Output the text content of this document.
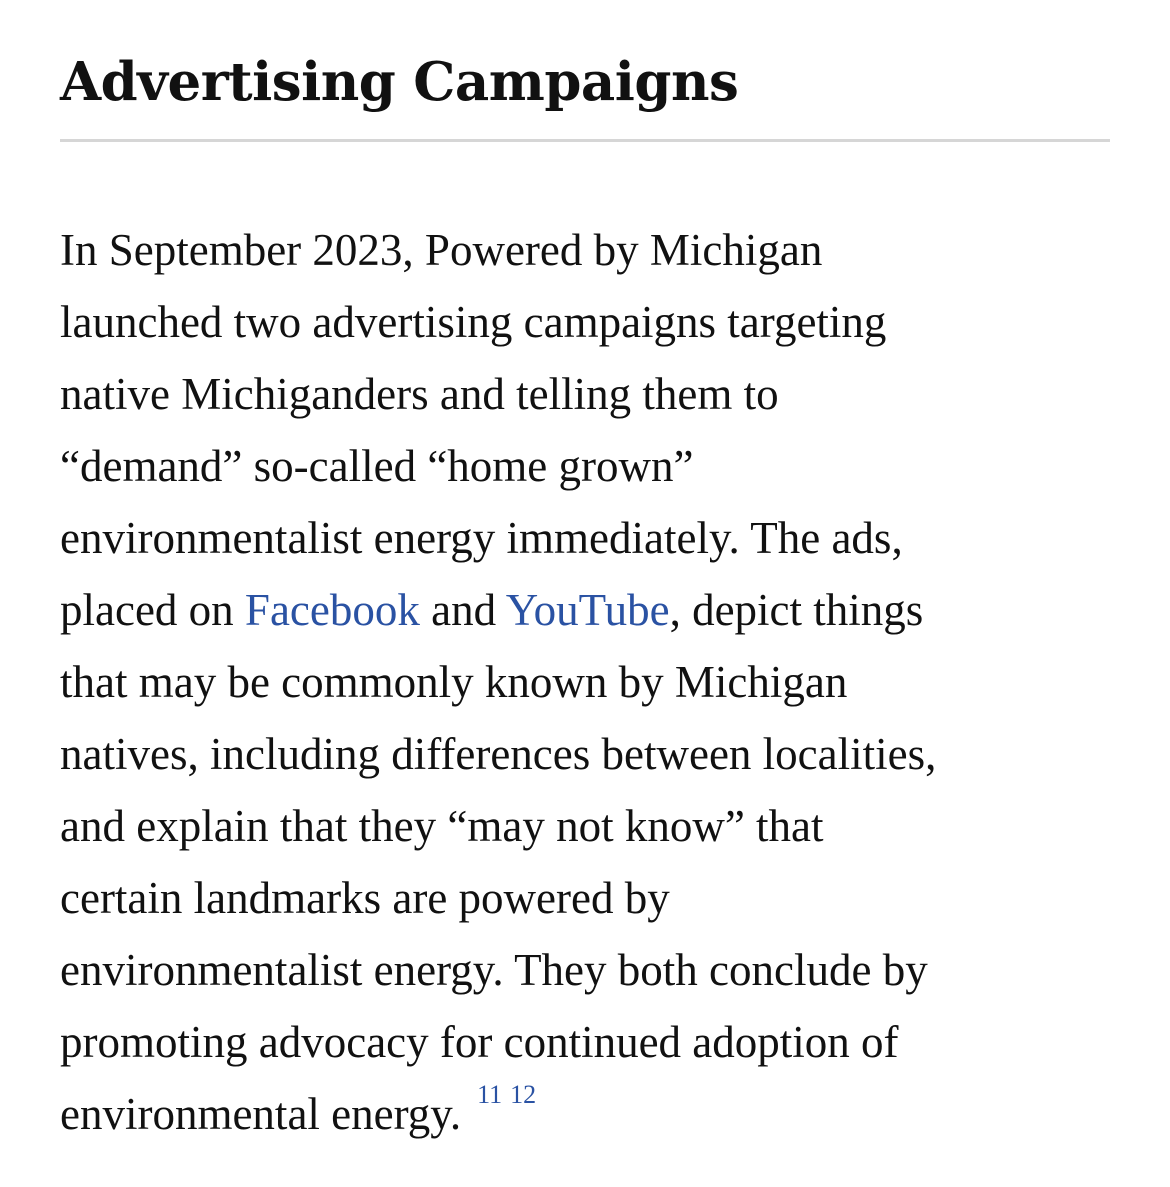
Advertising Campaigns

In September 2023, Powered by Michigan
launched two advertising campaigns targeting
native Michiganders and telling them to
“demand” so-called “home grown”
environmentalist energy immediately. The ads,
placed on Facebook and YouTube, depict things
that may be commonly known by Michigan
natives, including differences between localities,
and explain that they “may not know” that
certain landmarks are powered by
environmentalist energy. They both conclude by
promoting advocacy for continued adoption of
environmental energy. $^{11 12}$
